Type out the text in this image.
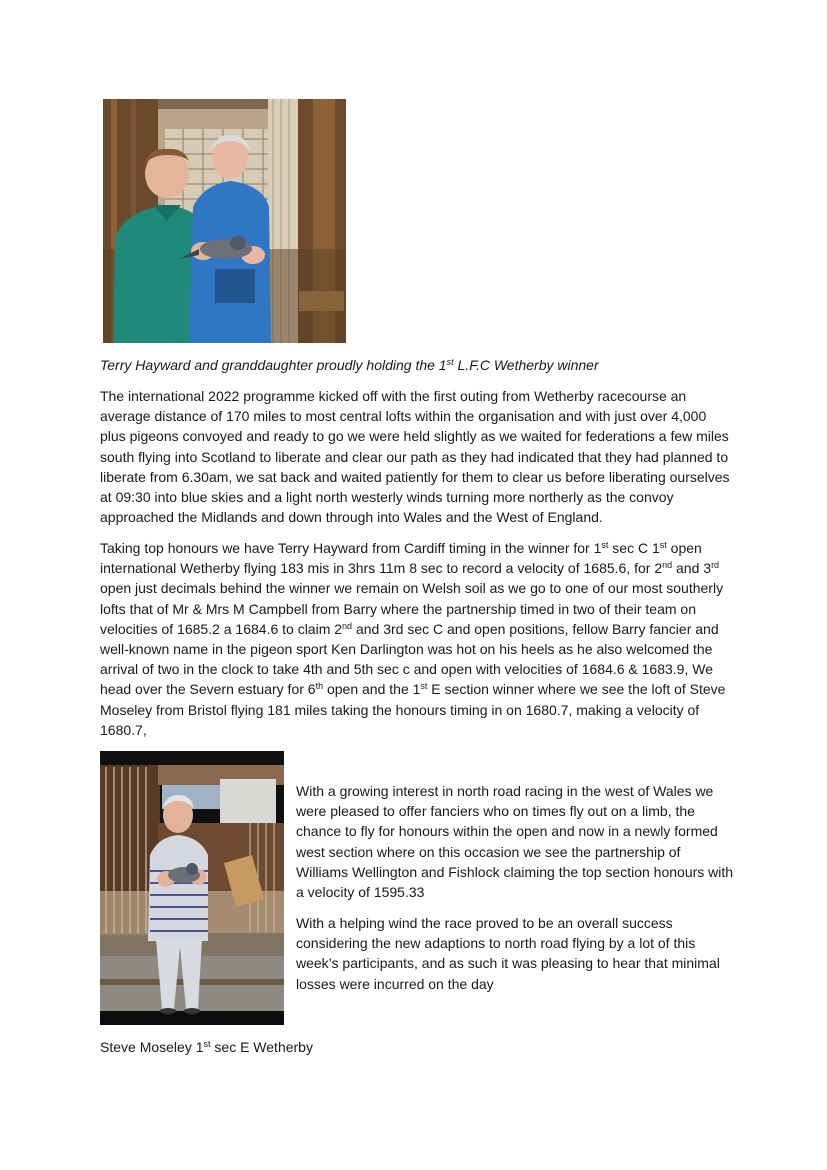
Terry Hayward and granddaughter proudly holding the 1st L.F.C Wetherby winner

The international 2022 programme kicked off with the first outing from Wetherby racecourse an average distance of 170 miles to most central lofts within the organisation and with just over 4,000 plus pigeons convoyed and ready to go we were held slightly as we waited for federations a few miles south flying into Scotland to liberate and clear our path as they had indicated that they had planned to liberate from 6.30am, we sat back and waited patiently for them to clear us before liberating ourselves at 09:30 into blue skies and a light north westerly winds turning more northerly as the convoy approached the Midlands and down through into Wales and the West of England.

Taking top honours we have Terry Hayward from Cardiff timing in the winner for 1st sec C 1st open international Wetherby flying 183 mis in 3hrs 11m 8 sec to record a velocity of 1685.6, for 2nd and 3rd open just decimals behind the winner we remain on Welsh soil as we go to one of our most southerly lofts that of Mr & Mrs M Campbell from Barry where the partnership timed in two of their team on velocities of 1685.2 a 1684.6 to claim 2nd and 3rd sec C and open positions, fellow Barry fancier and well-known name in the pigeon sport Ken Darlington was hot on his heels as he also welcomed the arrival of two in the clock to take 4th and 5th sec c and open with velocities of 1684.6 & 1683.9, We head over the Severn estuary for 6th open and the 1st E section winner where we see the loft of Steve Moseley from Bristol flying 181 miles taking the honours timing in on 1680.7, making a velocity of 1680.7,

With a growing interest in north road racing in the west of Wales we were pleased to offer fanciers who on times fly out on a limb, the chance to fly for honours within the open and now in a newly formed west section where on this occasion we see the partnership of Williams Wellington and Fishlock claiming the top section honours with a velocity of 1595.33

With a helping wind the race proved to be an overall success considering the new adaptions to north road flying by a lot of this week’s participants, and as such it was pleasing to hear that minimal losses were incurred on the day

Steve Moseley 1st sec E Wetherby
